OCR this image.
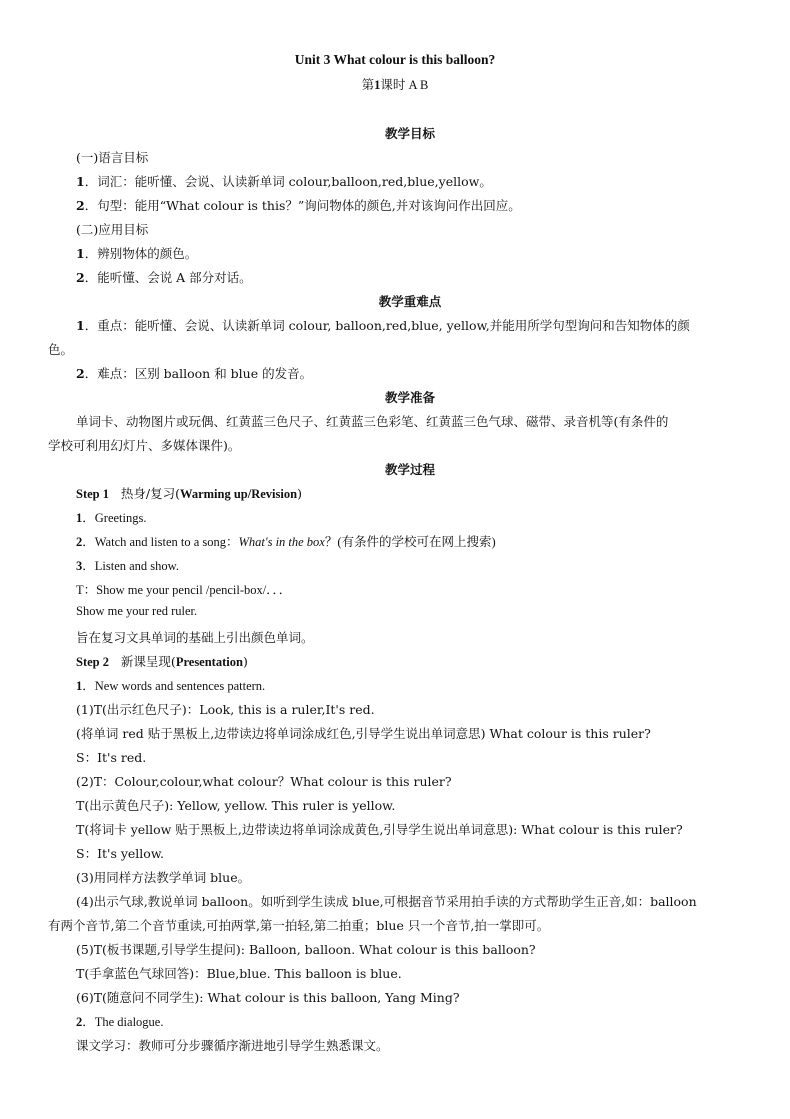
Unit 3 What colour is this balloon?
第1课时 A B
教学目标
(一)语言目标
1．词汇：能听懂、会说、认读新单词 colour,balloon,red,blue,yellow。
2．句型：能用“What colour is this？”询问物体的颜色,并对该询问作出回应。
(二)应用目标
1．辨别物体的颜色。
2．能听懂、会说 A 部分对话。
教学重难点
1．重点：能听懂、会说、认读新单词 colour, balloon,red,blue, yellow,并能用所学句型询问和告知物体的颜
色。
2．难点：区别 balloon 和 blue 的发音。
教学准备
单词卡、动物图片或玩偶、红黄蓝三色尺子、红黄蓝三色彩笔、红黄蓝三色气球、磁带、录音机等(有条件的
学校可利用幻灯片、多媒体课件)。
教学过程
Step 1 热身/复习(Warming up/Revision)
1．Greetings.
2．Watch and listen to a song：What's in the box？(有条件的学校可在网上搜索)
3．Listen and show.
T：Show me your pencil /pencil-box/．．．
Show me your red ruler.
旨在复习文具单词的基础上引出颜色单词。
Step 2 新课呈现(Presentation)
1．New words and sentences pattern.
(1)T(出示红色尺子)：Look, this is a ruler,It's red.
(将单词 red 贴于黑板上,边带读边将单词涂成红色,引导学生说出单词意思) What colour is this ruler?
S：It's red.
(2)T：Colour,colour,what colour？What colour is this ruler?
T(出示黄色尺子): Yellow, yellow. This ruler is yellow.
T(将词卡 yellow 贴于黑板上,边带读边将单词涂成黄色,引导学生说出单词意思): What colour is this ruler?
S：It's yellow.
(3)用同样方法教学单词 blue。
(4)出示气球,教说单词 balloon。如听到学生读成 blue,可根据音节采用拍手读的方式帮助学生正音,如：balloon
有两个音节,第二个音节重读,可拍两掌,第一拍轻,第二拍重；blue 只一个音节,拍一掌即可。
(5)T(板书课题,引导学生提问): Balloon, balloon. What colour is this balloon?
T(手拿蓝色气球回答)：Blue,blue. This balloon is blue.
(6)T(随意问不同学生): What colour is this balloon, Yang Ming?
2．The dialogue.
课文学习：教师可分步骤循序渐进地引导学生熟悉课文。
